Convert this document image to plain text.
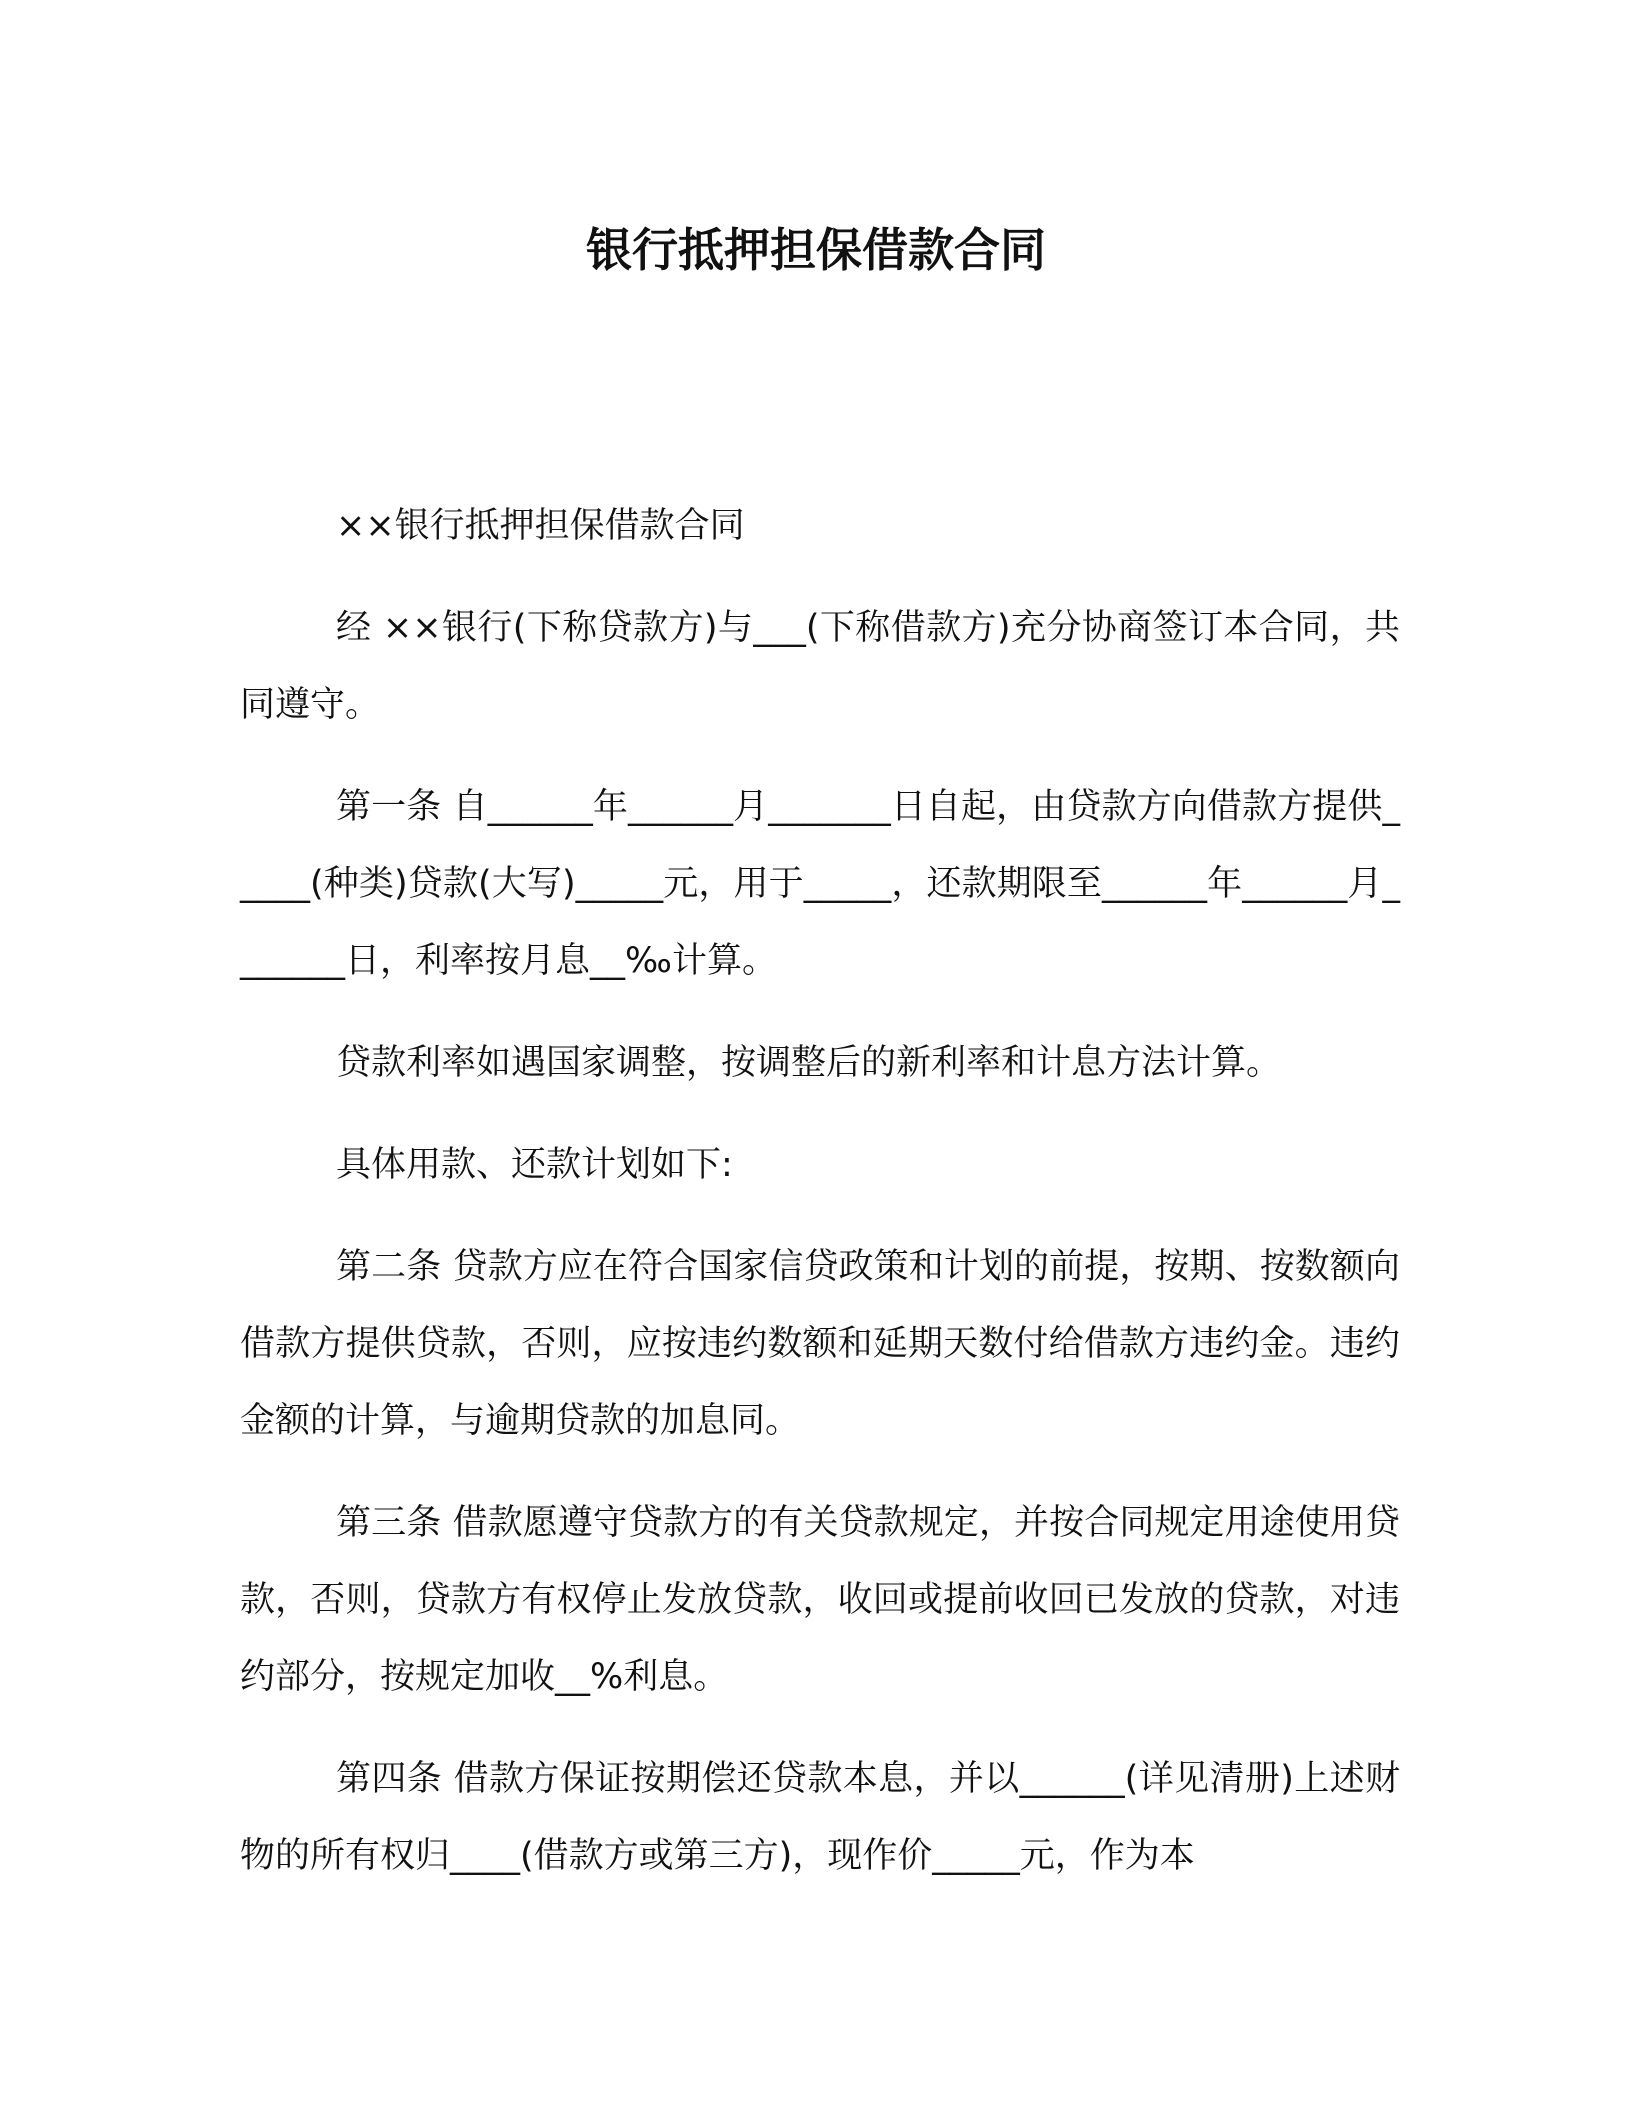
银行抵押担保借款合同

××银行抵押担保借款合同

经 ××银行(下称贷款方)与___(下称借款方)充分协商签订本合同，共同遵守。

第一条 自______年______月_______日自起，由贷款方向借款方提供_____(种类)贷款(大写)_____元，用于_____，还款期限至______年______月_______日，利率按月息__‰计算。

贷款利率如遇国家调整，按调整后的新利率和计息方法计算。

具体用款、还款计划如下:

第二条 贷款方应在符合国家信贷政策和计划的前提，按期、按数额向借款方提供贷款，否则，应按违约数额和延期天数付给借款方违约金。违约金额的计算，与逾期贷款的加息同。

第三条 借款愿遵守贷款方的有关贷款规定，并按合同规定用途使用贷款，否则，贷款方有权停止发放贷款，收回或提前收回已发放的贷款，对违约部分，按规定加收__%利息。

第四条 借款方保证按期偿还贷款本息，并以______(详见清册)上述财物的所有权归____(借款方或第三方)，现作价_____元，作为本
